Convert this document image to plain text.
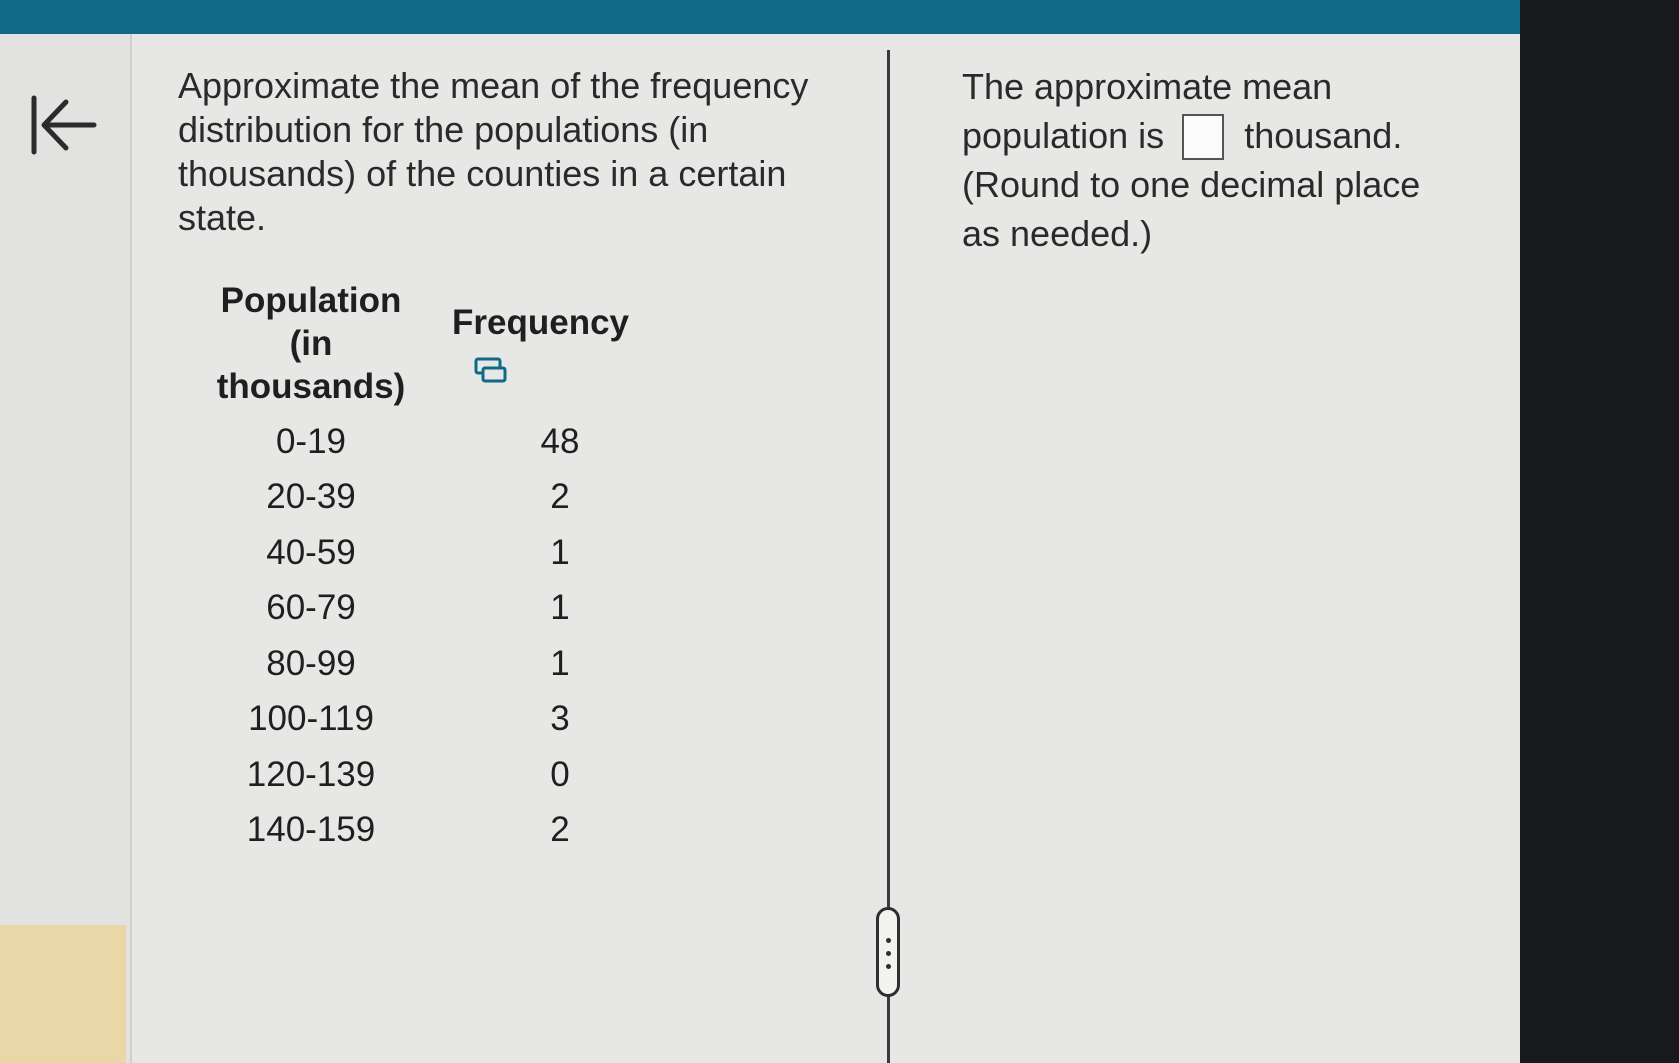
Approximate the mean of the frequency distribution for the populations (in thousands) of the counties in a certain state.

Population (in thousands)	Frequency
0-19	48
20-39	2
40-59	1
60-79	1
80-99	1
100-119	3
120-139	0
140-159	2

The approximate mean population is thousand.
(Round to one decimal place as needed.)
